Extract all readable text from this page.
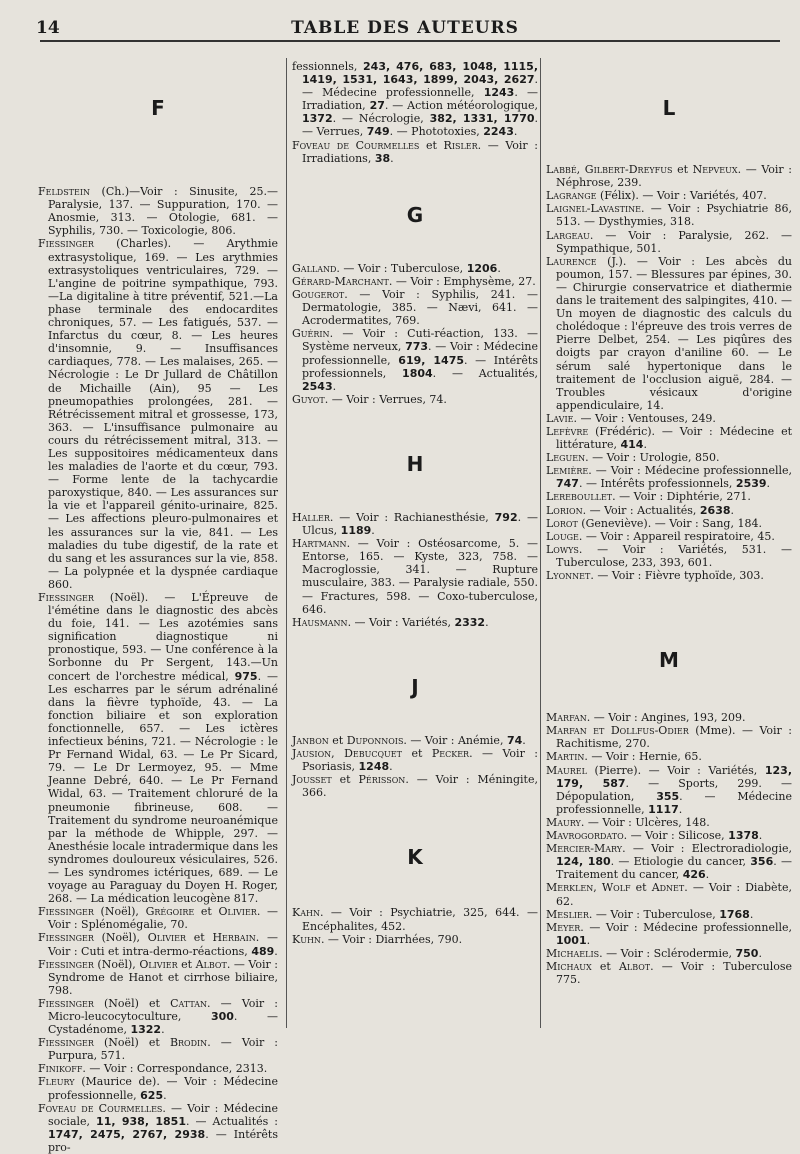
14	TABLE DES AUTEURS
F
Feldstein (Ch.)—Voir : Sinusite, 25.—Paralysie, 137. — Suppuration, 170. — Anosmie, 313. — Otologie, 681. — Syphilis, 730. — Toxicologie, 806.
Fiessinger (Charles). — Arythmie extrasystolique, 169. — Les arythmies extrasystoliques ventriculaires, 729. — L'angine de poitrine sympathique, 793. —La digitaline à titre préventif, 521.—La phase terminale des endocardites chroniques, 57. — Les fatigués, 537. — Infarctus du cœur, 8. — Les heures d'insomnie, 9. — Insuffisances cardiaques, 778. — Les malaises, 265. — Nécrologie : Le Dr Jullard de Châtillon de Michaille (Ain), 95 — Les pneumopathies prolongées, 281. — Rétrécissement mitral et grossesse, 173, 363. — L'insuffisance pulmonaire au cours du rétrécissement mitral, 313. — Les suppositoires médicamenteux dans les maladies de l'aorte et du cœur, 793. — Forme lente de la tachycardie paroxystique, 840. — Les assurances sur la vie et l'appareil génito-urinaire, 825. — Les affections pleuro-pulmonaires et les assurances sur la vie, 841. — Les maladies du tube digestif, de la rate et du sang et les assurances sur la vie, 858. — La polypnée et la dyspnée cardiaque 860.
Fiessinger (Noël). — L'Épreuve de l'émétine dans le diagnostic des abcès du foie, 141. — Les azotémies sans signification diagnostique ni pronostique, 593. — Une conférence à la Sorbonne du Pr Sergent, 143.—Un concert de l'orchestre médical, 975. — Les escharres par le sérum adrénaliné dans la fièvre typhoïde, 43. — La fonction biliaire et son exploration fonctionnelle, 657. — Les ictères infectieux bénins, 721. — Nécrologie : le Pr Fernand Widal, 63. — Le Pr Sicard, 79. — Le Dr Lermoyez, 95. — Mme Jeanne Debré, 640. — Le Pr Fernand Widal, 63. — Traitement chloruré de la pneumonie fibrineuse, 608. — Traitement du syndrome neuroanémique par la méthode de Whipple, 297. — Anesthésie locale intradermique dans les syndromes douloureux vésiculaires, 526. — Les syndromes ictériques, 689. — Le voyage au Paraguay du Doyen H. Roger, 268. — La médication leucogène 817.
Fiessinger (Noël), Grégoire et Olivier. — Voir : Splénomégalie, 70.
Fiessinger (Noël), Olivier et Herbain. — Voir : Cuti et intra-dermo-réactions, 489.
Fiessinger (Noël), Olivier et Albot. — Voir : Syndrome de Hanot et cirrhose biliaire, 798.
Fiessinger (Noël) et Cattan. — Voir : Micro-leucocytoculture, 300. — Cystadénome, 1322.
Fiessinger (Noël) et Brodin. — Voir : Purpura, 571.
Finikoff. — Voir : Correspondance, 2313.
Fleury (Maurice de). — Voir : Médecine professionnelle, 625.
Foveau de Courmelles. — Voir : Médecine sociale, 11, 938, 1851. — Actualités : 1747, 2475, 2767, 2938. — Intérêts pro-
fessionnels, 243, 476, 683, 1048, 1115, 1419, 1531, 1643, 1899, 2043, 2627. — Médecine professionnelle, 1243. — Irradiation, 27. — Action météorologique, 1372. — Nécrologie, 382, 1331, 1770. — Verrues, 749. — Phototoxies, 2243.
Foveau de Courmelles et Risler. — Voir : Irradiations, 38.
G
Galland. — Voir : Tuberculose, 1206.
Gérard-Marchant. — Voir : Emphysème, 27.
Gougerot. — Voir : Syphilis, 241. — Dermatologie, 385. — Nævi, 641. — Acrodermatites, 769.
Guérin. — Voir : Cuti-réaction, 133. — Système nerveux, 773. — Voir : Médecine professionnelle, 619, 1475. — Intérêts professionnels, 1804. — Actualités, 2543.
Guyot. — Voir : Verrues, 74.
H
Haller. — Voir : Rachianesthésie, 792. — Ulcus, 1189.
Hartmann. — Voir : Ostéosarcome, 5. — Entorse, 165. — Kyste, 323, 758. — Macroglossie, 341. — Rupture musculaire, 383. — Paralysie radiale, 550. — Fractures, 598. — Coxo-tuberculose, 646.
Hausmann. — Voir : Variétés, 2332.
J
Janbon et Duponnois. — Voir : Anémie, 74.
Jausion, Debucquet et Pecker. — Voir : Psoriasis, 1248.
Jousset et Périsson. — Voir : Méningite, 366.
K
Kahn. — Voir : Psychiatrie, 325, 644. — Encéphalites, 452.
Kuhn. — Voir : Diarrhées, 790.
L
Labbé, Gilbert-Dreyfus et Nepveux. — Voir : Néphrose, 239.
Lagrange (Félix). — Voir : Variétés, 407.
Laignel-Lavastine. — Voir : Psychiatrie 86, 513. — Dysthymies, 318.
Largeau. — Voir : Paralysie, 262. — Sympathique, 501.
Laurence (J.). — Voir : Les abcès du poumon, 157. — Blessures par épines, 30. — Chirurgie conservatrice et diathermie dans le traitement des salpingites, 410. — Un moyen de diagnostic des calculs du cholédoque : l'épreuve des trois verres de Pierre Delbet, 254. — Les piqûres des doigts par crayon d'aniline 60. — Le sérum salé hypertonique dans le traitement de l'occlusion aiguë, 284. — Troubles vésicaux d'origine appendiculaire, 14.
Lavie. — Voir : Ventouses, 249.
Lefèvre (Frédéric). — Voir : Médecine et littérature, 414.
Leguen. — Voir : Urologie, 850.
Lemière. — Voir : Médecine professionnelle, 747. — Intérêts professionnels, 2539.
Lereboullet. — Voir : Diphtérie, 271.
Lorion. — Voir : Actualités, 2638.
Lorot (Geneviève). — Voir : Sang, 184.
Louge. — Voir : Appareil respiratoire, 45.
Lowys. — Voir : Variétés, 531. — Tuberculose, 233, 393, 601.
Lyonnet. — Voir : Fièvre typhoïde, 303.
M
Marfan. — Voir : Angines, 193, 209.
Marfan et Dollfus-Odier (Mme). — Voir : Rachitisme, 270.
Martin. — Voir : Hernie, 65.
Maurel (Pierre). — Voir : Variétés, 123, 179, 587. — Sports, 299. — Dépopulation, 355. — Médecine professionnelle, 1117.
Maury. — Voir : Ulcères, 148.
Mavrogordato. — Voir : Silicose, 1378.
Mercier-Mary. — Voir : Electroradiologie, 124, 180. — Etiologie du cancer, 356. — Traitement du cancer, 426.
Merklen, Wolf et Adnet. — Voir : Diabète, 62.
Meslier. — Voir : Tuberculose, 1768.
Meyer. — Voir : Médecine professionnelle, 1001.
Michaelis. — Voir : Sclérodermie, 750.
Michaux et Albot. — Voir : Tuberculose 775.
